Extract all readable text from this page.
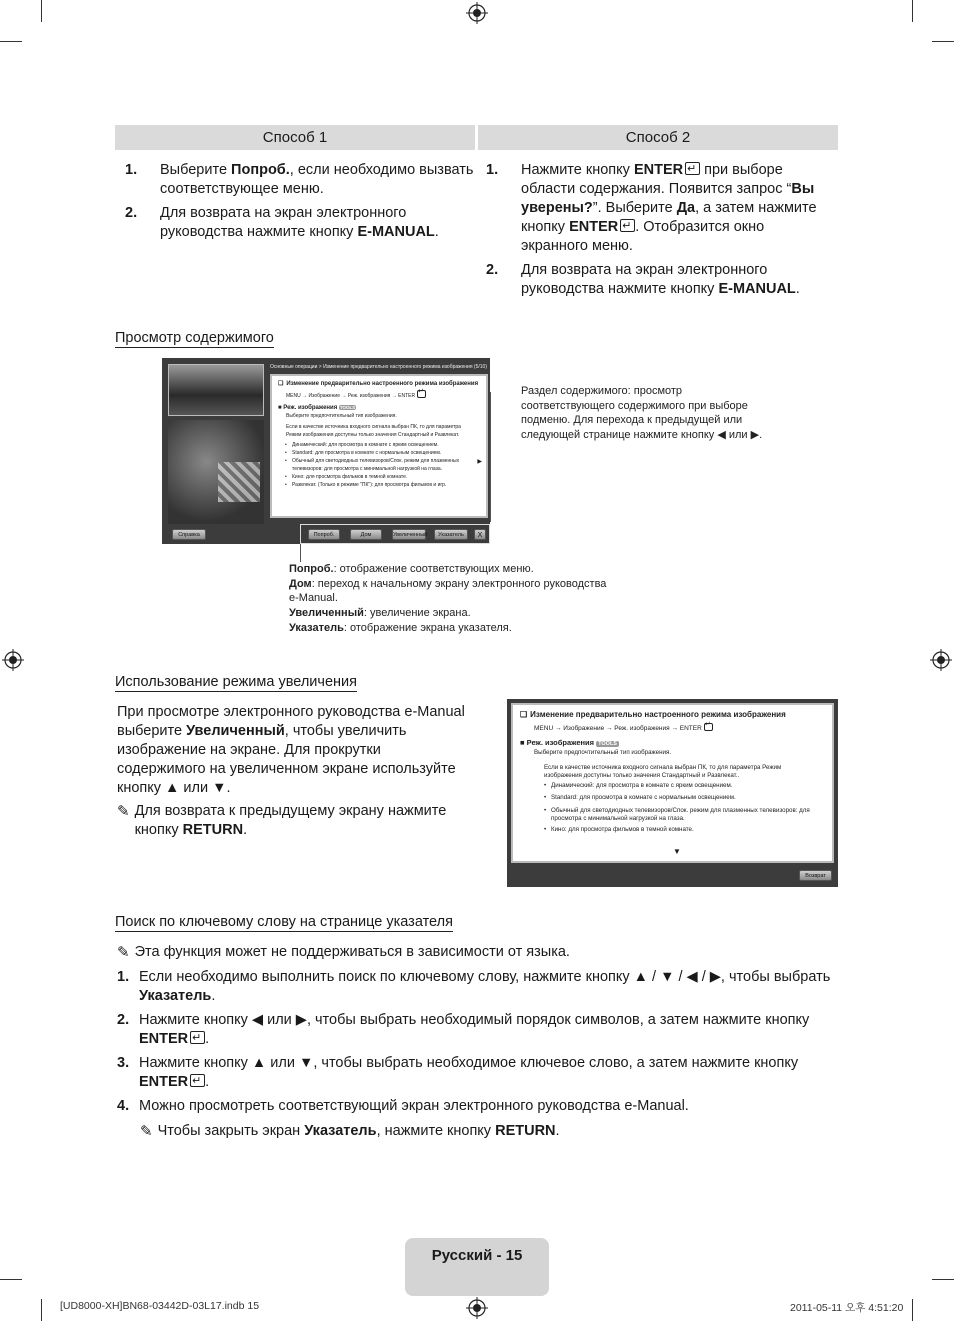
Способ 1	Способ 2
1. Выберите Попроб., если необходимо вызвать соответствующее меню.
2. Для возврата на экран электронного руководства нажмите кнопку E-MANUAL.
1. Нажмите кнопку ENTER↵ при выборе области содержания. Появится запрос “Вы уверены?”. Выберите Да, а затем нажмите кнопку ENTER ↵ . Отобразится окно экранного меню.
2. Для возврата на экран электронного руководства нажмите кнопку E-MANUAL.
Просмотр содержимого
Основные операции > Изменение предварительно настроенного режима изображения (5/10)
❏ Изменение предварительно настроенного режима изображения
MENU → Изображение → Реж. изображения → ENTER↵
■ Реж. изображения TOOLS
Выберите предпочтительный тип изображения.
Если в качестве источника входного сигнала выбран ПК, то для параметра Режим изображения доступны только значения Стандартный и Развлекат.
• Динамический: для просмотра в комнате с ярким освещением.
• Standard: для просмотра в комнате с нормальным освещением.
• Обычный для светодиодных телевизоров/Спок. режим для плазменных телевизоров: для просмотра с минимальной нагрузкой на глаза.
• Кино: для просмотра фильмов в темной комнате.
• Развлекат. (Только в режиме "ПК"): для просмотра фильмов и игр.
▶
Справка	Попроб.	Дом	Увеличенный	Указатель	X
Раздел содержимого: просмотр соответствующего содержимого при выборе подменю. Для перехода к предыдущей или следующей странице нажмите кнопку ◀ или ▶.
Попроб.: отображение соответствующих меню.
Дом: переход к начальному экрану электронного руководства e-Manual.
Увеличенный: увеличение экрана.
Указатель: отображение экрана указателя.
Использование режима увеличения
При просмотре электронного руководства e-Manual выберите Увеличенный, чтобы увеличить изображение на экране. Для прокрутки содержимого на увеличенном экране используйте кнопку ▲ или ▼.
✎ Для возврата к предыдущему экрану нажмите кнопку RETURN.
❏ Изменение предварительно настроенного режима изображения
MENU → Изображение → Реж. изображения → ENTER↵
■ Реж. изображения TOOLS
Выберите предпочтительный тип изображения.
Если в качестве источника входного сигнала выбран ПК, то для параметра Режим изображения доступны только значения Стандартный и Развлекат..
• Динамический: для просмотра в комнате с ярким освещением.
• Standard: для просмотра в комнате с нормальным освещением.
• Обычный для светодиодных телевизоров/Спок. режим для плазменных телевизоров: для просмотра с минимальной нагрузкой на глаза.
• Кино: для просмотра фильмов в темной комнате.
▼
Возврат
Поиск по ключевому слову на странице указателя
✎ Эта функция может не поддерживаться в зависимости от языка.
1. Если необходимо выполнить поиск по ключевому слову, нажмите кнопку ▲ / ▼ / ◀ / ▶, чтобы выбрать Указатель.
2. Нажмите кнопку ◀ или ▶, чтобы выбрать необходимый порядок символов, а затем нажмите кнопку ENTER ↵ .
3. Нажмите кнопку ▲ или ▼, чтобы выбрать необходимое ключевое слово, а затем нажмите кнопку ENTER ↵ .
4. Можно просмотреть соответствующий экран электронного руководства e-Manual.
✎ Чтобы закрыть экран Указатель, нажмите кнопку RETURN.
Русский - 15
[UD8000-XH]BN68-03442D-03L17.indb 15	2011-05-11 오후 4:51:20
